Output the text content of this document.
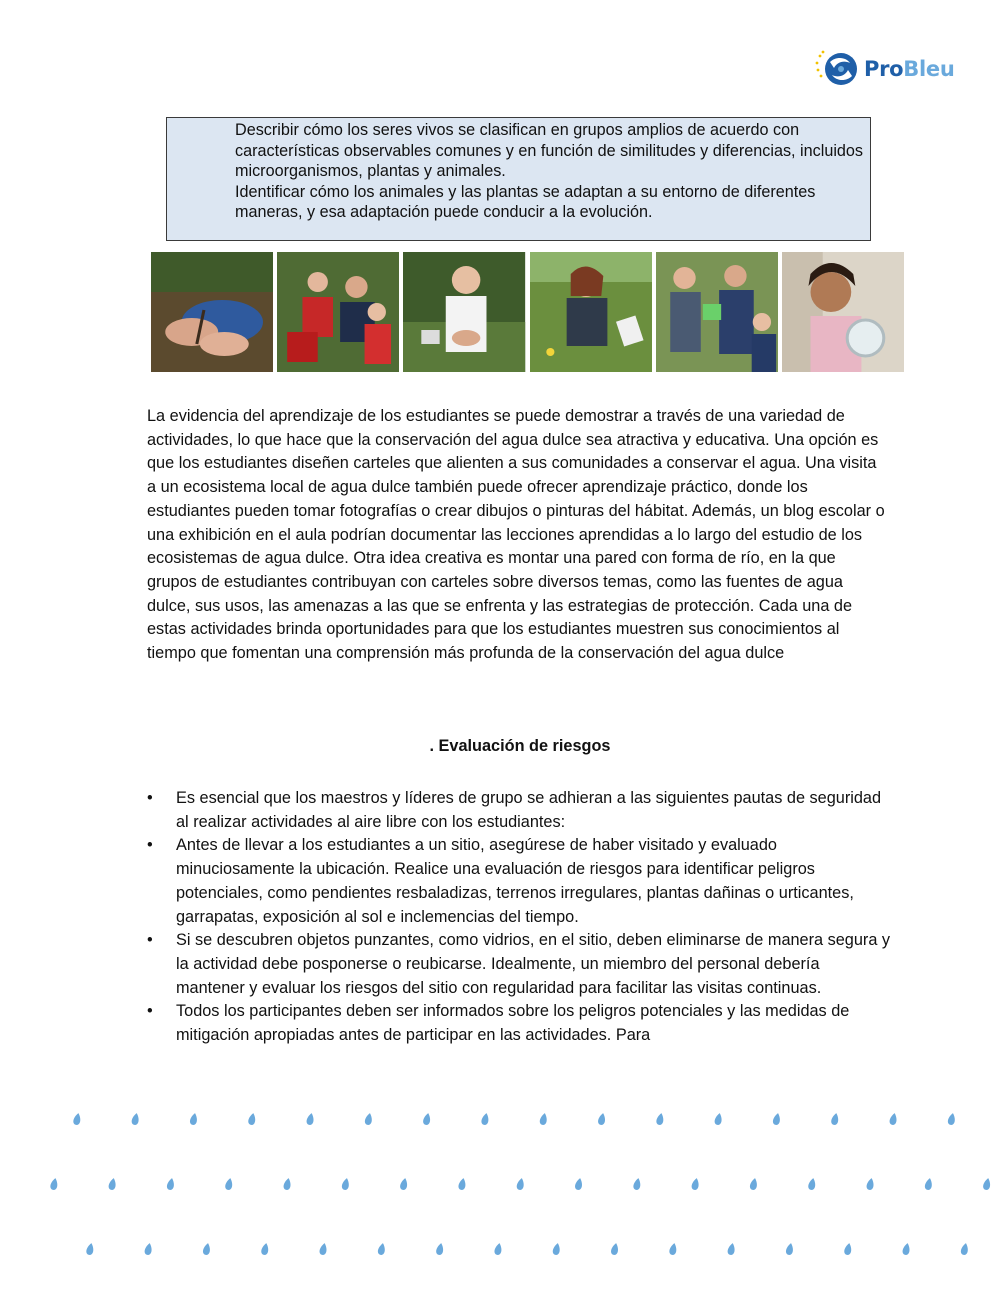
ProBleu

Describir cómo los seres vivos se clasifican en grupos amplios de acuerdo con características observables comunes y en función de similitudes y diferencias, incluidos microorganismos, plantas y animales.

Identificar cómo los animales y las plantas se adaptan a su entorno de diferentes maneras, y esa adaptación puede conducir a la evolución.

La evidencia del aprendizaje de los estudiantes se puede demostrar a través de una variedad de actividades, lo que hace que la conservación del agua dulce sea atractiva y educativa. Una opción es que los estudiantes diseñen carteles que alienten a sus comunidades a conservar el agua. Una visita a un ecosistema local de agua dulce también puede ofrecer aprendizaje práctico, donde los estudiantes pueden tomar fotografías o crear dibujos o pinturas del hábitat. Además, un blog escolar o una exhibición en el aula podrían documentar las lecciones aprendidas a lo largo del estudio de los ecosistemas de agua dulce. Otra idea creativa es montar una pared con forma de río, en la que grupos de estudiantes contribuyan con carteles sobre diversos temas, como las fuentes de agua dulce, sus usos, las amenazas a las que se enfrenta y las estrategias de protección. Cada una de estas actividades brinda oportunidades para que los estudiantes muestren sus conocimientos al tiempo que fomentan una comprensión más profunda de la conservación del agua dulce

. Evaluación de riesgos
• Es esencial que los maestros y líderes de grupo se adhieran a las siguientes pautas de seguridad al realizar actividades al aire libre con los estudiantes:
• Antes de llevar a los estudiantes a un sitio, asegúrese de haber visitado y evaluado minuciosamente la ubicación. Realice una evaluación de riesgos para identificar peligros potenciales, como pendientes resbaladizas, terrenos irregulares, plantas dañinas o urticantes, garrapatas, exposición al sol e inclemencias del tiempo.
• Si se descubren objetos punzantes, como vidrios, en el sitio, deben eliminarse de manera segura y la actividad debe posponerse o reubicarse. Idealmente, un miembro del personal debería mantener y evaluar los riesgos del sitio con regularidad para facilitar las visitas continuas.
• Todos los participantes deben ser informados sobre los peligros potenciales y las medidas de mitigación apropiadas antes de participar en las actividades. Para
